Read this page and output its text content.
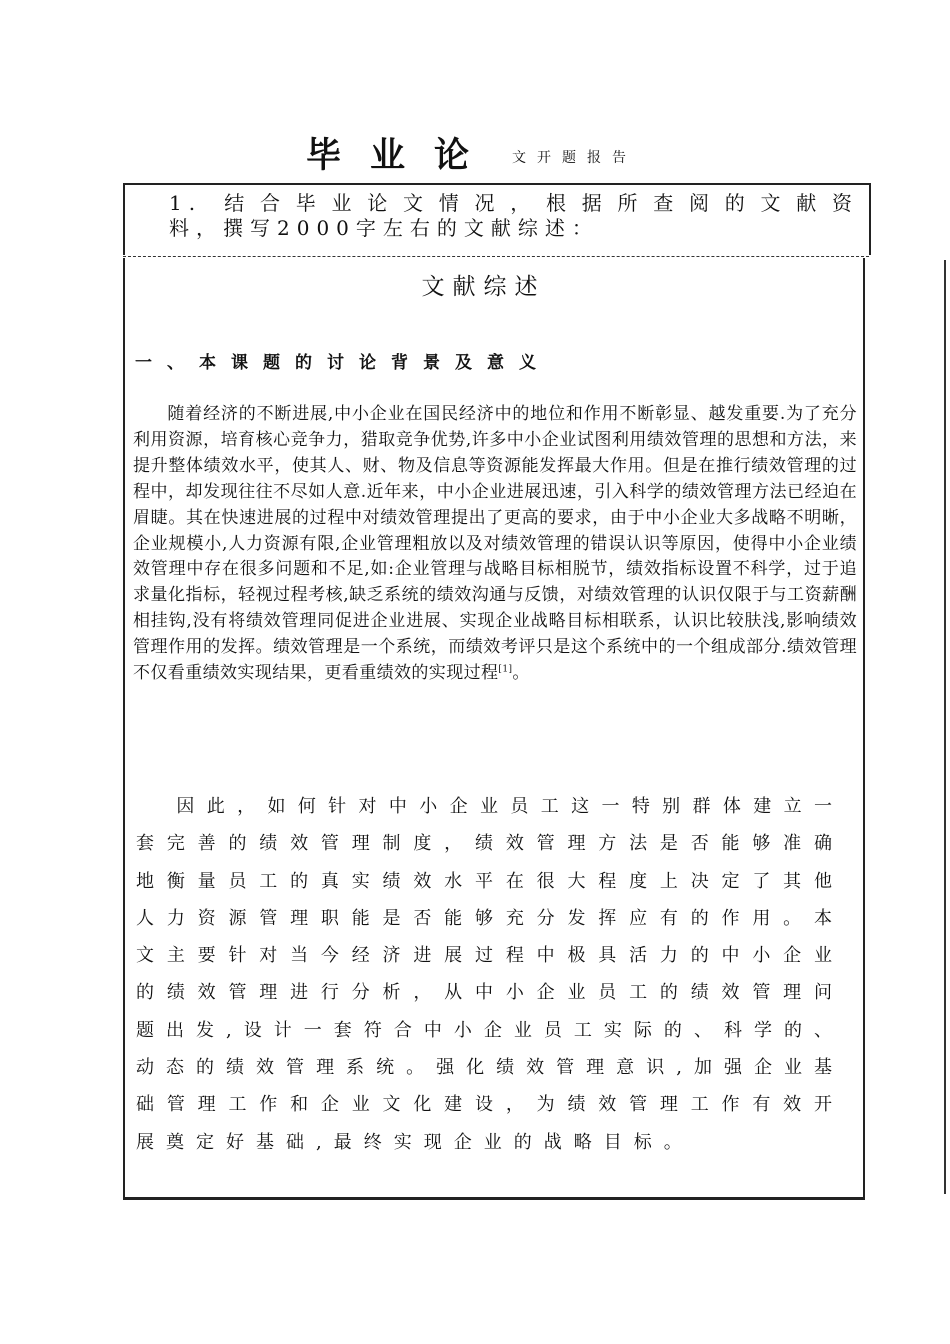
毕业论 文开题报告
1. 结合毕业论文情况，根据所查阅的文献资
料，撰写2000字左右的文献综述：
文献综述
一、本课题的讨论背景及意义
随着经济的不断进展,中小企业在国民经济中的地位和作用不断彰显、越发重要.为了充分利用资源，培育核心竞争力，猎取竞争优势,许多中小企业试图利用绩效管理的思想和方法，来提升整体绩效水平，使其人、财、物及信息等资源能发挥最大作用。但是在推行绩效管理的过程中，却发现往往不尽如人意.近年来，中小企业进展迅速，引入科学的绩效管理方法已经迫在眉睫。其在快速进展的过程中对绩效管理提出了更高的要求，由于中小企业大多战略不明晰，企业规模小,人力资源有限,企业管理粗放以及对绩效管理的错误认识等原因，使得中小企业绩效管理中存在很多问题和不足,如:企业管理与战略目标相脱节，绩效指标设置不科学，过于追求量化指标，轻视过程考核,缺乏系统的绩效沟通与反馈，对绩效管理的认识仅限于与工资薪酬相挂钩,没有将绩效管理同促进企业进展、实现企业战略目标相联系，认识比较肤浅,影响绩效管理作用的发挥。绩效管理是一个系统，而绩效考评只是这个系统中的一个组成部分.绩效管理不仅看重绩效实现结果，更看重绩效的实现过程[1]。
因此，如何针对中小企业员工这一特别群体建立一套完善的绩效管理制度，绩效管理方法是否能够准确地衡量员工的真实绩效水平在很大程度上决定了其他人力资源管理职能是否能够充分发挥应有的作用。本文主要针对当今经济进展过程中极具活力的中小企业的绩效管理进行分析，从中小企业员工的绩效管理问题出发,设计一套符合中小企业员工实际的、科学的、动态的绩效管理系统。强化绩效管理意识,加强企业基础管理工作和企业文化建设，为绩效管理工作有效开展奠定好基础,最终实现企业的战略目标。
